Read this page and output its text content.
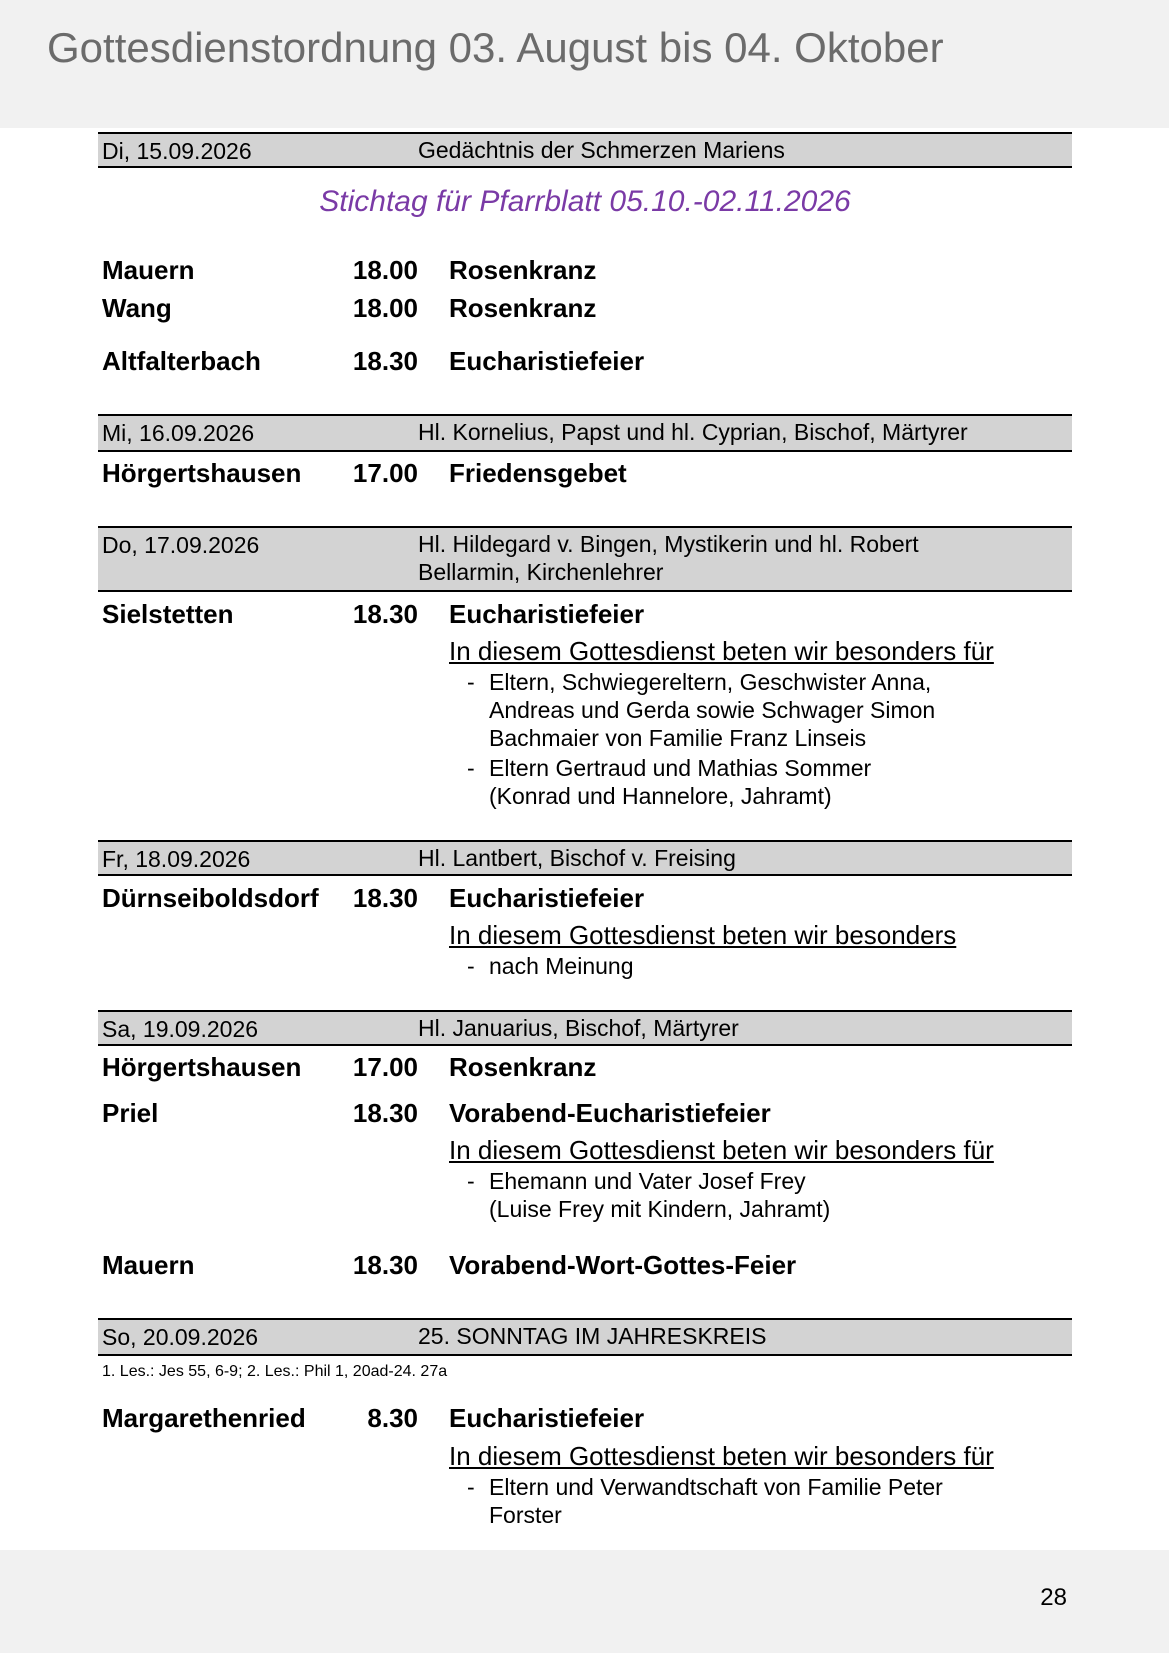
Gottesdienstordnung 03. August bis 04. Oktober
Di, 15.09.2026	Gedächtnis der Schmerzen Mariens
Stichtag für Pfarrblatt 05.10.-02.11.2026
Mauern	18.00 Rosenkranz
Wang	18.00 Rosenkranz
Altfalterbach	18.30 Eucharistiefeier
Mi, 16.09.2026	Hl. Kornelius, Papst und hl. Cyprian, Bischof, Märtyrer
Hörgertshausen	17.00 Friedensgebet
Do, 17.09.2026	Hl. Hildegard v. Bingen, Mystikerin und hl. Robert
Bellarmin, Kirchenlehrer
Sielstetten	18.30 Eucharistiefeier
In diesem Gottesdienst beten wir besonders für
- Eltern, Schwiegereltern, Geschwister Anna,
Andreas und Gerda sowie Schwager Simon
Bachmaier von Familie Franz Linseis
- Eltern Gertraud und Mathias Sommer
(Konrad und Hannelore, Jahramt)
Fr, 18.09.2026	Hl. Lantbert, Bischof v. Freising
Dürnseiboldsdorf	18.30 Eucharistiefeier
In diesem Gottesdienst beten wir besonders
- nach Meinung
Sa, 19.09.2026	Hl. Januarius, Bischof, Märtyrer
Hörgertshausen	17.00 Rosenkranz
Priel	18.30 Vorabend-Eucharistiefeier
In diesem Gottesdienst beten wir besonders für
- Ehemann und Vater Josef Frey
(Luise Frey mit Kindern, Jahramt)
Mauern	18.30 Vorabend-Wort-Gottes-Feier
So, 20.09.2026	25. SONNTAG IM JAHRESKREIS
1. Les.: Jes 55, 6-9; 2. Les.: Phil 1, 20ad-24. 27a
Margarethenried	8.30 Eucharistiefeier
In diesem Gottesdienst beten wir besonders für
- Eltern und Verwandtschaft von Familie Peter
Forster
28
